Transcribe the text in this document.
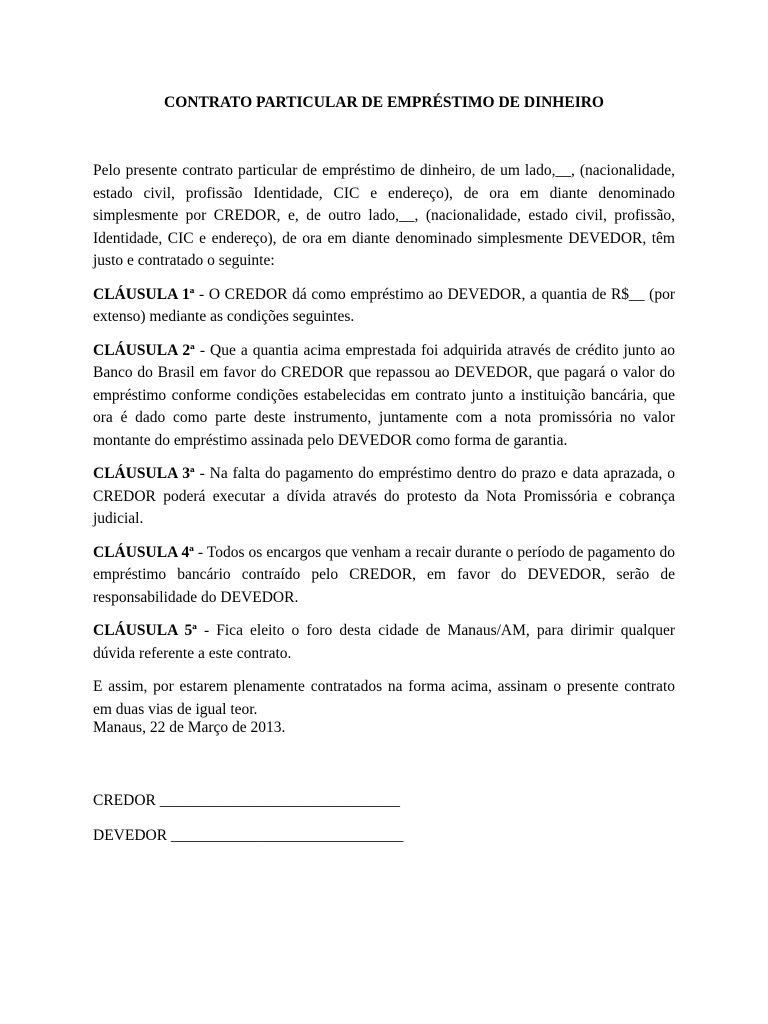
CONTRATO PARTICULAR DE EMPRÉSTIMO DE DINHEIRO

Pelo presente contrato particular de empréstimo de dinheiro, de um lado,__, (nacionalidade, estado civil, profissão Identidade, CIC e endereço), de ora em diante denominado simplesmente por CREDOR, e, de outro lado,__, (nacionalidade, estado civil, profissão, Identidade, CIC e endereço), de ora em diante denominado simplesmente DEVEDOR, têm justo e contratado o seguinte:

CLÁUSULA 1ª - O CREDOR dá como empréstimo ao DEVEDOR, a quantia de R$__ (por extenso) mediante as condições seguintes.

CLÁUSULA 2ª - Que a quantia acima emprestada foi adquirida através de crédito junto ao Banco do Brasil em favor do CREDOR que repassou ao DEVEDOR, que pagará o valor do empréstimo conforme condições estabelecidas em contrato junto a instituição bancária, que ora é dado como parte deste instrumento, juntamente com a nota promissória no valor montante do empréstimo assinada pelo DEVEDOR como forma de garantia.

CLÁUSULA 3ª - Na falta do pagamento do empréstimo dentro do prazo e data aprazada, o CREDOR poderá executar a dívida através do protesto da Nota Promissória e cobrança judicial.

CLÁUSULA 4ª - Todos os encargos que venham a recair durante o período de pagamento do empréstimo bancário contraído pelo CREDOR, em favor do DEVEDOR, serão de responsabilidade do DEVEDOR.

CLÁUSULA 5ª - Fica eleito o foro desta cidade de Manaus/AM, para dirimir qualquer dúvida referente a este contrato.

E assim, por estarem plenamente contratados na forma acima, assinam o presente contrato em duas vias de igual teor.

Manaus, 22 de Março de 2013.
CREDOR _______________________________
DEVEDOR ______________________________
